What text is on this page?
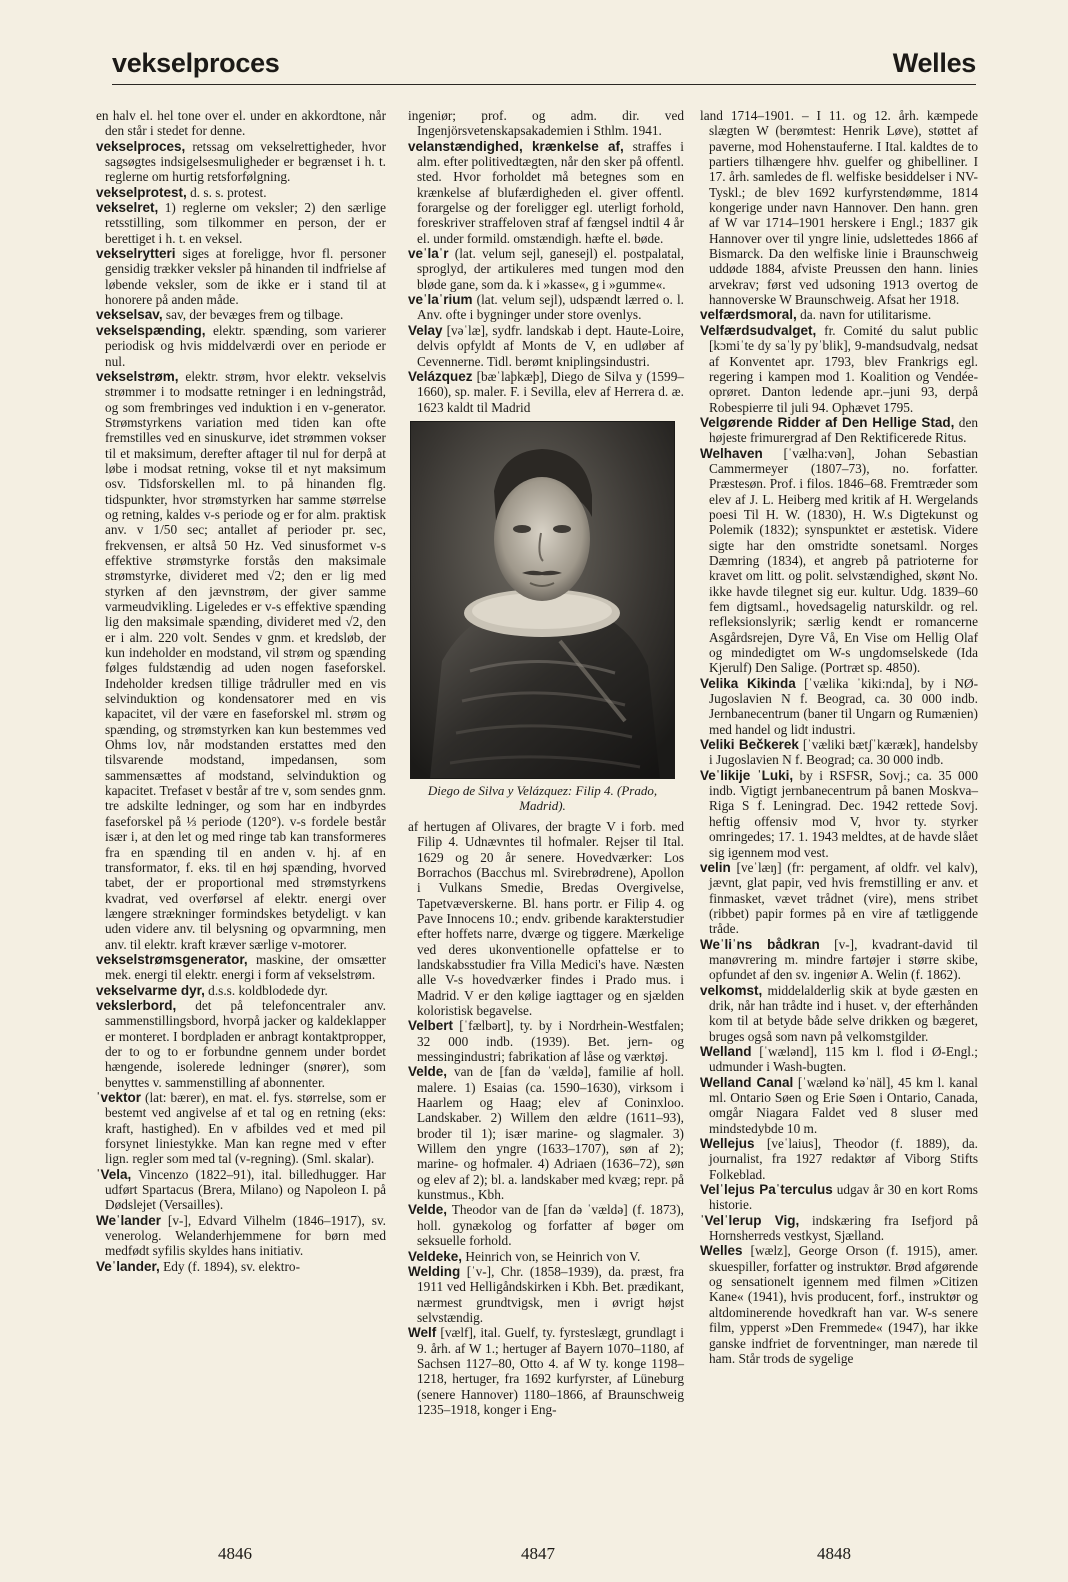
vekselproces	Welles

en halv el. hel tone over el. under en akkordtone, når den står i stedet for denne.

vekselproces, retssag om vekselrettigheder, hvor sagsøgtes indsigelsesmuligheder er begrænset i h. t. reglerne om hurtig retsforfølgning.

vekselprotest, d. s. s. protest.

vekselret, 1) reglerne om veksler; 2) den særlige retsstilling, som tilkommer en person, der er berettiget i h. t. en veksel.

vekselrytteri siges at foreligge, hvor fl. personer gensidig trækker veksler på hinanden til indfrielse af løbende veksler, som de ikke er i stand til at honorere på anden måde.

vekselsav, sav, der bevæges frem og tilbage.

vekselspænding, elektr. spænding, som varierer periodisk og hvis middelværdi over en periode er nul.

vekselstrøm, elektr. strøm, hvor elektr. vekselvis strømmer i to modsatte retninger i en ledningstråd, og som frembringes ved induktion i en v-generator. Strømstyrkens variation med tiden kan ofte fremstilles ved en sinuskurve, idet strømmen vokser til et maksimum, derefter aftager til nul for derpå at løbe i modsat retning, vokse til et nyt maksimum osv. Tidsforskellen ml. to på hinanden flg. tidspunkter, hvor strømstyrken har samme størrelse og retning, kaldes v-s periode og er for alm. praktisk anv. v 1/50 sec; antallet af perioder pr. sec, frekvensen, er altså 50 Hz. Ved sinusformet v-s effektive strømstyrke forstås den maksimale strømstyrke, divideret med √2; den er lig med styrken af den jævnstrøm, der giver samme varmeudvikling. Ligeledes er v-s effektive spænding lig den maksimale spænding, divideret med √2, den er i alm. 220 volt. Sendes v gnm. et kredsløb, der kun indeholder en modstand, vil strøm og spænding følges fuldstændig ad uden nogen faseforskel. Indeholder kredsen tillige trådruller med en vis selvinduktion og kondensatorer med en vis kapacitet, vil der være en faseforskel ml. strøm og spænding, og strømstyrken kan kun bestemmes ved Ohms lov, når modstanden erstattes med den tilsvarende modstand, impedansen, som sammensættes af modstand, selvinduktion og kapacitet. Trefaset v består af tre v, som sendes gnm. tre adskilte ledninger, og som har en indbyrdes faseforskel på ⅓ periode (120°). v-s fordele består især i, at den let og med ringe tab kan transformeres fra en spænding til en anden v. hj. af en transformator, f. eks. til en høj spænding, hvorved tabet, der er proportional med strømstyrkens kvadrat, ved overførsel af elektr. energi over længere strækninger formindskes betydeligt. v kan uden videre anv. til belysning og opvarmning, men anv. til elektr. kraft kræver særlige v-motorer.

vekselstrømsgenerator, maskine, der omsætter mek. energi til elektr. energi i form af vekselstrøm.

vekselvarme dyr, d.s.s. koldblodede dyr.

vekslerbord, det på telefoncentraler anv. sammenstillingsbord, hvorpå jacker og kaldeklapper er monteret. I bordpladen er anbragt kontaktpropper, der to og to er forbundne gennem under bordet hængende, isolerede ledninger (snører), som benyttes v. sammenstilling af abonnenter.

ˈvektor (lat: bærer), en mat. el. fys. størrelse, som er bestemt ved angivelse af et tal og en retning (eks: kraft, hastighed). En v afbildes ved et med pil forsynet liniestykke. Man kan regne med v efter lign. regler som med tal (v-regning). (Sml. skalar).

ˈVela, Vincenzo (1822–91), ital. billedhugger. Har udført Spartacus (Brera, Milano) og Napoleon I. på Dødslejet (Versailles).

Weˈlander [v-], Edvard Vilhelm (1846–1917), sv. venerolog. Welanderhjemmene for børn med medfødt syfilis skyldes hans initiativ.

Veˈlander, Edy (f. 1894), sv. elektro-

ingeniør; prof. og adm. dir. ved Ingenjörsvetenskapsakademien i Sthlm. 1941.

velanstændighed, krænkelse af, straffes i alm. efter politivedtægten, når den sker på offentl. sted. Hvor forholdet må betegnes som en krænkelse af blufærdigheden el. giver offentl. forargelse og der foreligger egl. uterligt forhold, foreskriver straffeloven straf af fængsel indtil 4 år el. under formild. omstændigh. hæfte el. bøde.

veˈlaˈr (lat. velum sejl, ganesejl) el. postpalatal, sproglyd, der artikuleres med tungen mod den bløde gane, som da. k i »kasse«, g i »gumme«.

veˈlaˈrium (lat. velum sejl), udspændt lærred o. l. Anv. ofte i bygninger under store ovenlys.

Velay [vəˈlæ], sydfr. landskab i dept. Haute-Loire, delvis opfyldt af Monts de V, en udløber af Cevennerne. Tidl. berømt kniplingsindustri.

Velázquez [bæˈlaþkæþ], Diego de Silva y (1599–1660), sp. maler. F. i Sevilla, elev af Herrera d. æ. 1623 kaldt til Madrid

Diego de Silva y Velázquez: Filip 4. (Prado, Madrid).

af hertugen af Olivares, der bragte V i forb. med Filip 4. Udnævntes til hofmaler. Rejser til Ital. 1629 og 20 år senere. Hovedværker: Los Borrachos (Bacchus ml. Svirebrødrene), Apollon i Vulkans Smedie, Bredas Overgivelse, Tapetvæverskerne. Bl. hans portr. er Filip 4. og Pave Innocens 10.; endv. gribende karakterstudier efter hoffets narre, dværge og tiggere. Mærkelige ved deres ukonventionelle opfattelse er to landskabsstudier fra Villa Medici's have. Næsten alle V-s hovedværker findes i Prado mus. i Madrid. V er den kølige iagttager og en sjælden koloristisk begavelse.

Velbert [ˈfælbərt], ty. by i Nordrhein-Westfalen; 32 000 indb. (1939). Bet. jern- og messingindustri; fabrikation af låse og værktøj.

Velde, van de [fan də ˈvældə], familie af holl. malere. 1) Esaias (ca. 1590–1630), virksom i Haarlem og Haag; elev af Coninxloo. Landskaber. 2) Willem den ældre (1611–93), broder til 1); især marine- og slagmaler. 3) Willem den yngre (1633–1707), søn af 2); marine- og hofmaler. 4) Adriaen (1636–72), søn og elev af 2); bl. a. landskaber med kvæg; repr. på kunstmus., Kbh.

Velde, Theodor van de [fan də ˈvældə] (f. 1873), holl. gynækolog og forfatter af bøger om seksuelle forhold.

Veldeke, Heinrich von, se Heinrich von V.

Welding [ˈv-], Chr. (1858–1939), da. præst, fra 1911 ved Helligåndskirken i Kbh. Bet. prædikant, nærmest grundtvigsk, men i øvrigt højst selvstændig.

Welf [vælf], ital. Guelf, ty. fyrsteslægt, grundlagt i 9. årh. af W 1.; hertuger af Bayern 1070–1180, af Sachsen 1127–80, Otto 4. af W ty. konge 1198–1218, hertuger, fra 1692 kurfyrster, af Lüneburg (senere Hannover) 1180–1866, af Braunschweig 1235–1918, konger i Eng-

land 1714–1901. – I 11. og 12. årh. kæmpede slægten W (berømtest: Henrik Løve), støttet af paverne, mod Hohenstauferne. I Ital. kaldtes de to partiers tilhængere hhv. guelfer og ghibelliner. I 17. årh. samledes de fl. welfiske besiddelser i NV-Tyskl.; de blev 1692 kurfyrstendømme, 1814 kongerige under navn Hannover. Den hann. gren af W var 1714–1901 herskere i Engl.; 1837 gik Hannover over til yngre linie, udslettedes 1866 af Bismarck. Da den welfiske linie i Braunschweig uddøde 1884, afviste Preussen den hann. linies arvekrav; først ved udsoning 1913 overtog de hannoverske W Braunschweig. Afsat her 1918.

velfærdsmoral, da. navn for utilitarisme.

Velfærdsudvalget, fr. Comité du salut public [kɔmiˈte dy saˈly pyˈblik], 9-mandsudvalg, nedsat af Konventet apr. 1793, blev Frankrigs egl. regering i kampen mod 1. Koalition og Vendée-oprøret. Danton ledende apr.–juni 93, derpå Robespierre til juli 94. Ophævet 1795.

Velgørende Ridder af Den Hellige Stad, den højeste frimurergrad af Den Rektificerede Ritus.

Welhaven [ˈvælha:vən], Johan Sebastian Cammermeyer (1807–73), no. forfatter. Præstesøn. Prof. i filos. 1846–68. Fremtræder som elev af J. L. Heiberg med kritik af H. Wergelands poesi Til H. W. (1830), H. W.s Digtekunst og Polemik (1832); synspunktet er æstetisk. Videre sigte har den omstridte sonetsaml. Norges Dæmring (1834), et angreb på patrioterne for kravet om litt. og polit. selvstændighed, skønt No. ikke havde tilegnet sig eur. kultur. Udg. 1839–60 fem digtsaml., hovedsagelig naturskildr. og rel. refleksionslyrik; særlig kendt er romancerne Asgårdsrejen, Dyre Vå, En Vise om Hellig Olaf og mindedigtet om W-s ungdomselskede (Ida Kjerulf) Den Salige. (Portræt sp. 4850).

Velika Kikinda [ˈvælika ˈkiki:nda], by i NØ-Jugoslavien N f. Beograd, ca. 30 000 indb. Jernbanecentrum (baner til Ungarn og Rumænien) med handel og lidt industri.

Veliki Bečkerek [ˈvæliki bætʃˈkæræk], handelsby i Jugoslavien N f. Beograd; ca. 30 000 indb.

Veˈlikije ˈLuki, by i RSFSR, Sovj.; ca. 35 000 indb. Vigtigt jernbanecentrum på banen Moskva–Riga S f. Leningrad. Dec. 1942 rettede Sovj. heftig offensiv mod V, hvor ty. styrker omringedes; 17. 1. 1943 meldtes, at de havde slået sig igennem mod vest.

velin [veˈlæŋ] (fr: pergament, af oldfr. vel kalv), jævnt, glat papir, ved hvis fremstilling er anv. et finmasket, vævet trådnet (vire), mens stribet (ribbet) papir formes på en vire af tætliggende tråde.

Weˈliˈns bådkran [v-], kvadrant-david til manøvrering m. mindre fartøjer i større skibe, opfundet af den sv. ingeniør A. Welin (f. 1862).

velkomst, middelalderlig skik at byde gæsten en drik, når han trådte ind i huset. v, der efterhånden kom til at betyde både selve drikken og bægeret, bruges også som navn på velkomstgilder.

Welland [ˈwælənd], 115 km l. flod i Ø-Engl.; udmunder i Wash-bugten.

Welland Canal [ˈwælənd kəˈnäl], 45 km l. kanal ml. Ontario Søen og Erie Søen i Ontario, Canada, omgår Niagara Faldet ved 8 sluser med mindstedybde 10 m.

Wellejus [veˈlaius], Theodor (f. 1889), da. journalist, fra 1927 redaktør af Viborg Stifts Folkeblad.

Velˈlejus Paˈterculus udgav år 30 en kort Roms historie.

ˈVelˈlerup Vig, indskæring fra Isefjord på Hornsherreds vestkyst, Sjælland.

Welles [wælz], George Orson (f. 1915), amer. skuespiller, forfatter og instruktør. Brød afgørende og sensationelt igennem med filmen »Citizen Kane« (1941), hvis producent, forf., instruktør og altdominerende hovedkraft han var. W-s senere film, ypperst »Den Fremmede« (1947), har ikke ganske indfriet de forventninger, man nærede til ham. Står trods de sygelige

4846	4847	4848
